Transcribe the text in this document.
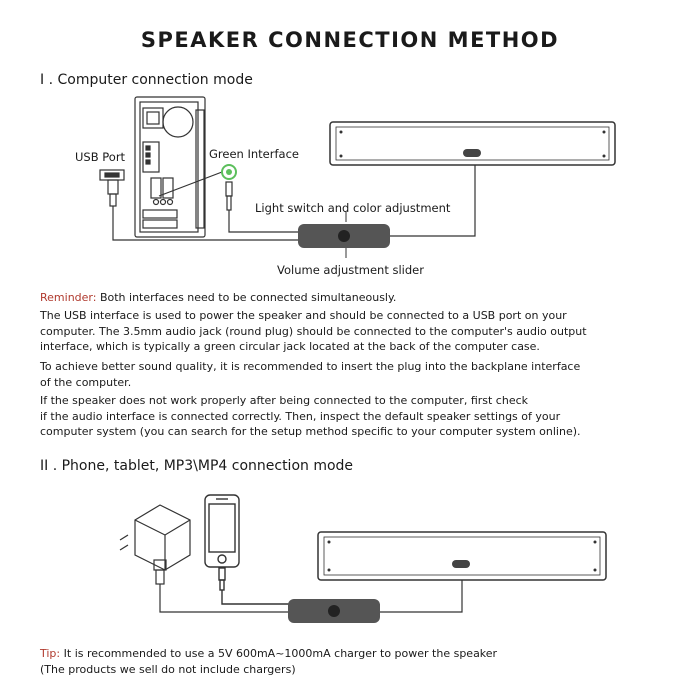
SPEAKER CONNECTION METHOD
I . Computer connection mode
USB Port	Green Interface
Light switch and color adjustment
Volume adjustment slider
Reminder: Both interfaces need to be connected simultaneously.
The USB interface is used to power the speaker and should be connected to a USB port on your
computer. The 3.5mm audio jack (round plug) should be connected to the computer's audio output
interface, which is typically a green circular jack located at the back of the computer case.
To achieve better sound quality, it is recommended to insert the plug into the backplane interface
of the computer.
If the speaker does not work properly after being connected to the computer, first check
if the audio interface is connected correctly. Then, inspect the default speaker settings of your
computer system (you can search for the setup method specific to your computer system online).
II . Phone, tablet, MP3\MP4 connection mode
Tip: It is recommended to use a 5V 600mA~1000mA charger to power the speaker
(The products we sell do not include chargers)
